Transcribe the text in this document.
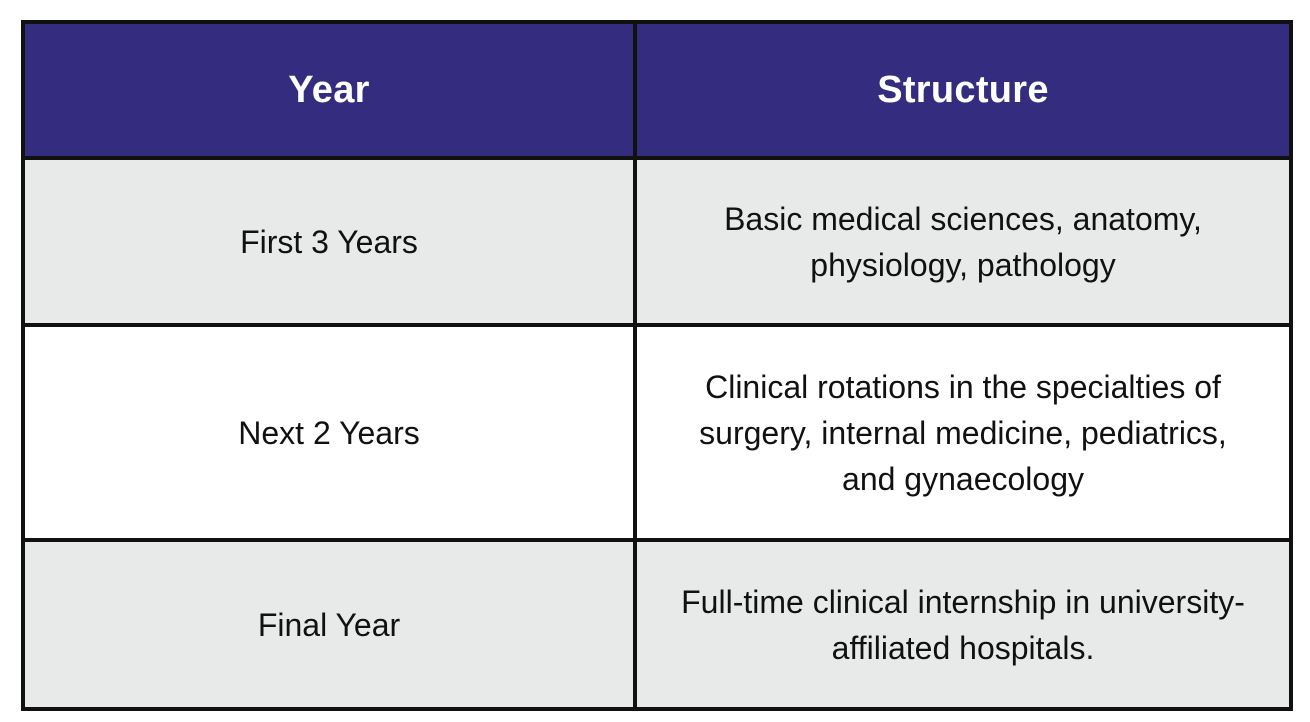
Year	Structure
First 3 Years	Basic medical sciences, anatomy, physiology, pathology
Next 2 Years	Clinical rotations in the specialties of surgery, internal medicine, pediatrics, and gynaecology
Final Year	Full-time clinical internship in university-affiliated hospitals.
